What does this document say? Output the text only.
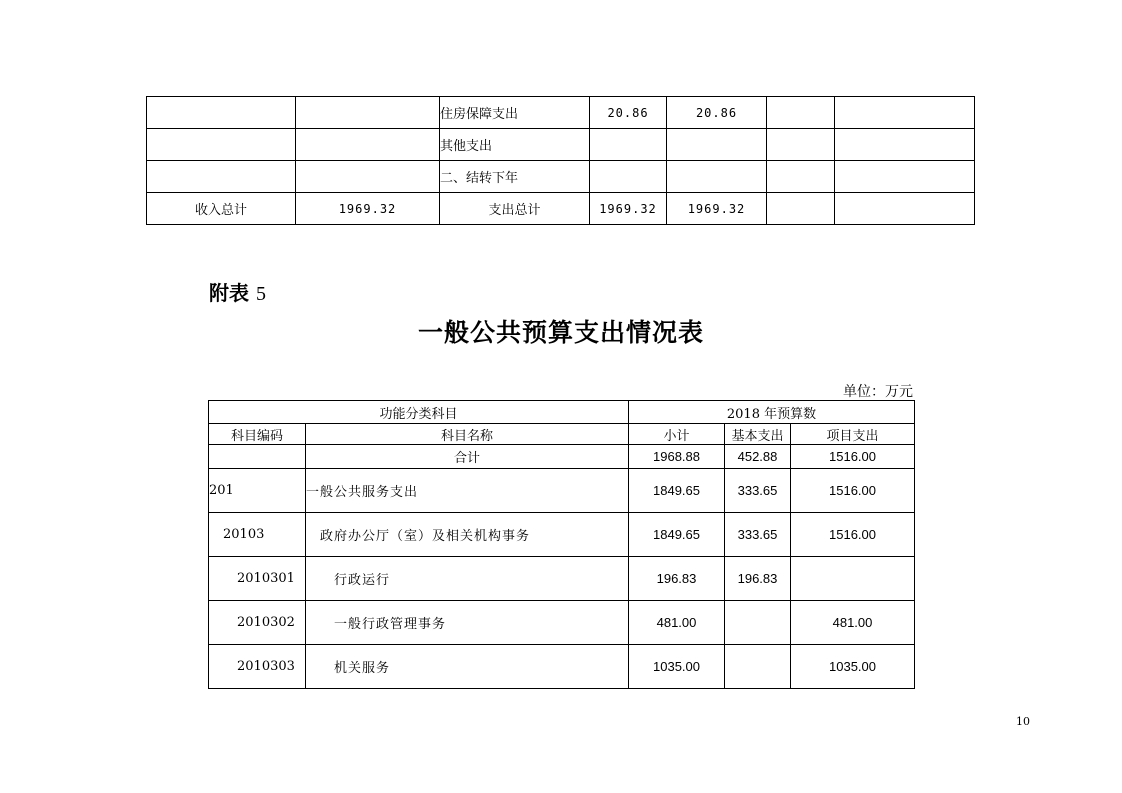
		住房保障支出	20.86	20.86		
		其他支出				
		二、结转下年				
收入总计	1969.32	支出总计	1969.32	1969.32		
附表 5
一般公共预算支出情况表
单位：万元
功能分类科目		2018 年预算数		
科目编码	科目名称	小计	基本支出	项目支出
	合计	1968.88	452.88	1516.00
201	一般公共服务支出	1849.65	333.65	1516.00
20103	政府办公厅（室）及相关机构事务	1849.65	333.65	1516.00
2010301	行政运行	196.83	196.83	
2010302	一般行政管理事务	481.00		481.00
2010303	机关服务	1035.00		1035.00
10
